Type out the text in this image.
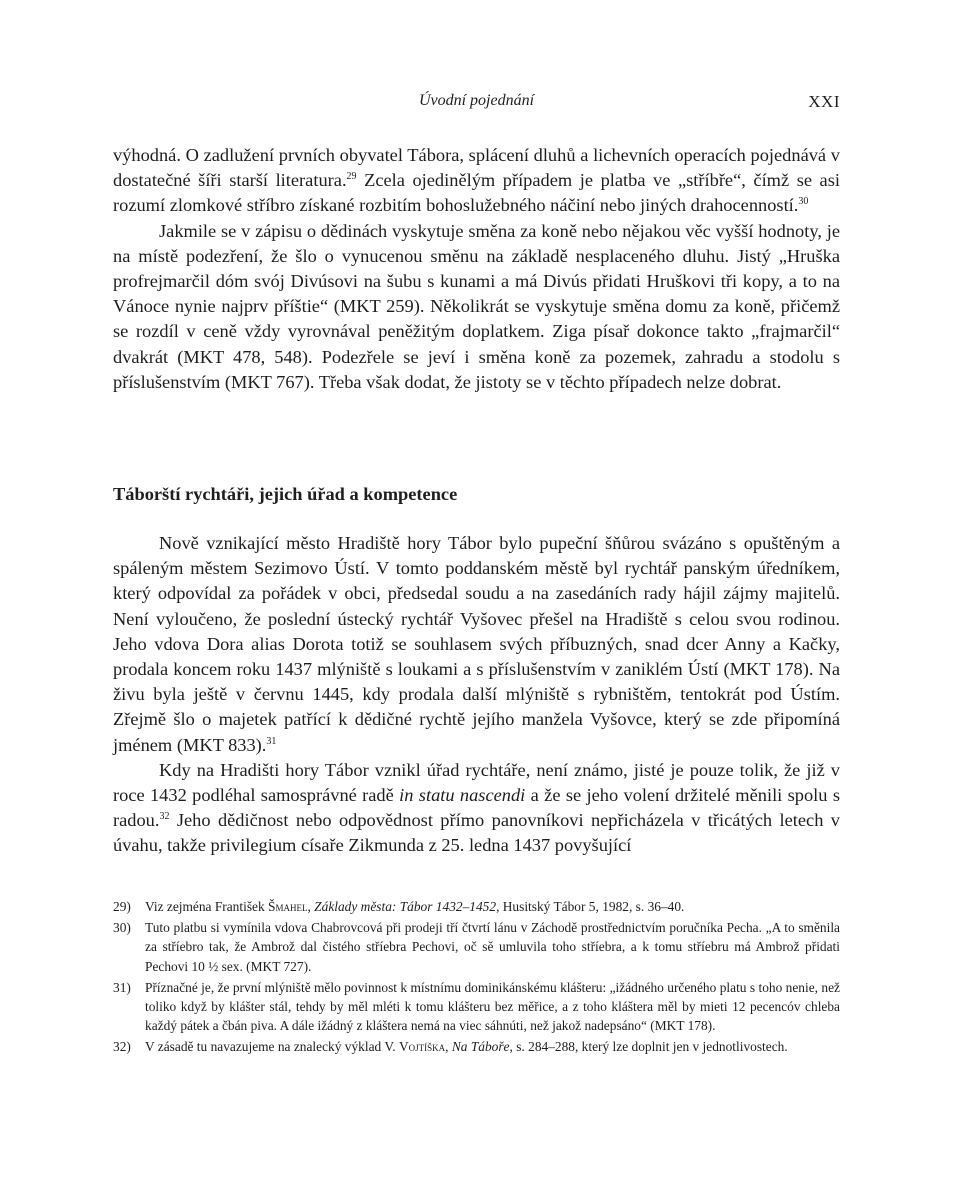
Úvodní pojednání	XXI

výhodná. O zadlužení prvních obyvatel Tábora, splácení dluhů a lichevních operacích pojednává v dostatečné šíři starší literatura.$^{29}$ Zcela ojedinělým případem je platba ve „stříbře“, čímž se asi rozumí zlomkové stříbro získané rozbitím bohoslužebného náčiní nebo jiných drahocenností.$^{30}$

Jakmile se v zápisu o dědinách vyskytuje směna za koně nebo nějakou věc vyšší hodnoty, je na místě podezření, že šlo o vynucenou směnu na základě nesplaceného dluhu. Jistý „Hruška profrejmarčil dóm svój Divúsovi na šubu s kunami a má Divús přidati Hruškovi tři kopy, a to na Vánoce nynie najprv příštie“ (MKT 259). Několikrát se vyskytuje směna domu za koně, přičemž se rozdíl v ceně vždy vyrovnával peněžitým doplatkem. Ziga písař dokonce takto „frajmarčil“ dvakrát (MKT 478, 548). Podezřele se jeví i směna koně za pozemek, zahradu a stodolu s příslušenstvím (MKT 767). Třeba však dodat, že jistoty se v těchto případech nelze dobrat.

Táborští rychtáři, jejich úřad a kompetence

Nově vznikající město Hradiště hory Tábor bylo pupeční šňůrou svázáno s opuštěným a spáleným městem Sezimovo Ústí. V tomto poddanském městě byl rychtář panským úředníkem, který odpovídal za pořádek v obci, předsedal soudu a na zasedáních rady hájil zájmy majitelů. Není vyloučeno, že poslední ústecký rychtář Vyšovec přešel na Hradiště s celou svou rodinou. Jeho vdova Dora alias Dorota totiž se souhlasem svých příbuzných, snad dcer Anny a Kačky, prodala koncem roku 1437 mlýniště s loukami a s příslušenstvím v zaniklém Ústí (MKT 178). Na živu byla ještě v červnu 1445, kdy prodala další mlýniště s rybništěm, tentokrát pod Ústím. Zřejmě šlo o majetek patřící k dědičné rychtě jejího manžela Vyšovce, který se zde připomíná jménem (MKT 833).$^{31}$

Kdy na Hradišti hory Tábor vznikl úřad rychtáře, není známo, jisté je pouze tolik, že již v roce 1432 podléhal samosprávné radě in statu nascendi a že se jeho volení držitelé měnili spolu s radou.$^{32}$ Jeho dědičnost nebo odpovědnost přímo panovníkovi nepřicházela v třicátých letech v úvahu, takže privilegium císaře Zikmunda z 25. ledna 1437 povyšující

29)	Viz zejména František Šmahel, Základy města: Tábor 1432–1452, Husitský Tábor 5, 1982, s. 36–40.
30)	Tuto platbu si vymínila vdova Chabrovcová při prodeji tří čtvrtí lánu v Záchodě prostřednictvím poručníka Pecha. „A to směnila za stříebro tak, že Ambrož dal čistého stříebra Pechovi, oč sě umluvila toho stříebra, a k tomu stříebru má Ambrož přidati Pechovi 10 ½ sex. (MKT 727).
31)	Příznačné je, že první mlýniště mělo povinnost k místnímu dominikánskému klášteru: „ižádného určeného platu s toho nenie, než toliko když by klášter stál, tehdy by měl mléti k tomu klášteru bez měřice, a z toho kláštera měl by mieti 12 pecencóv chleba každý pátek a čbán piva. A dále ižádný z kláštera nemá na viec sáhnúti, než jakož nadepsáno“ (MKT 178).
32)	V zásadě tu navazujeme na znalecký výklad V. Vojtíška, Na Táboře, s. 284–288, který lze doplnit jen v jednotlivostech.
